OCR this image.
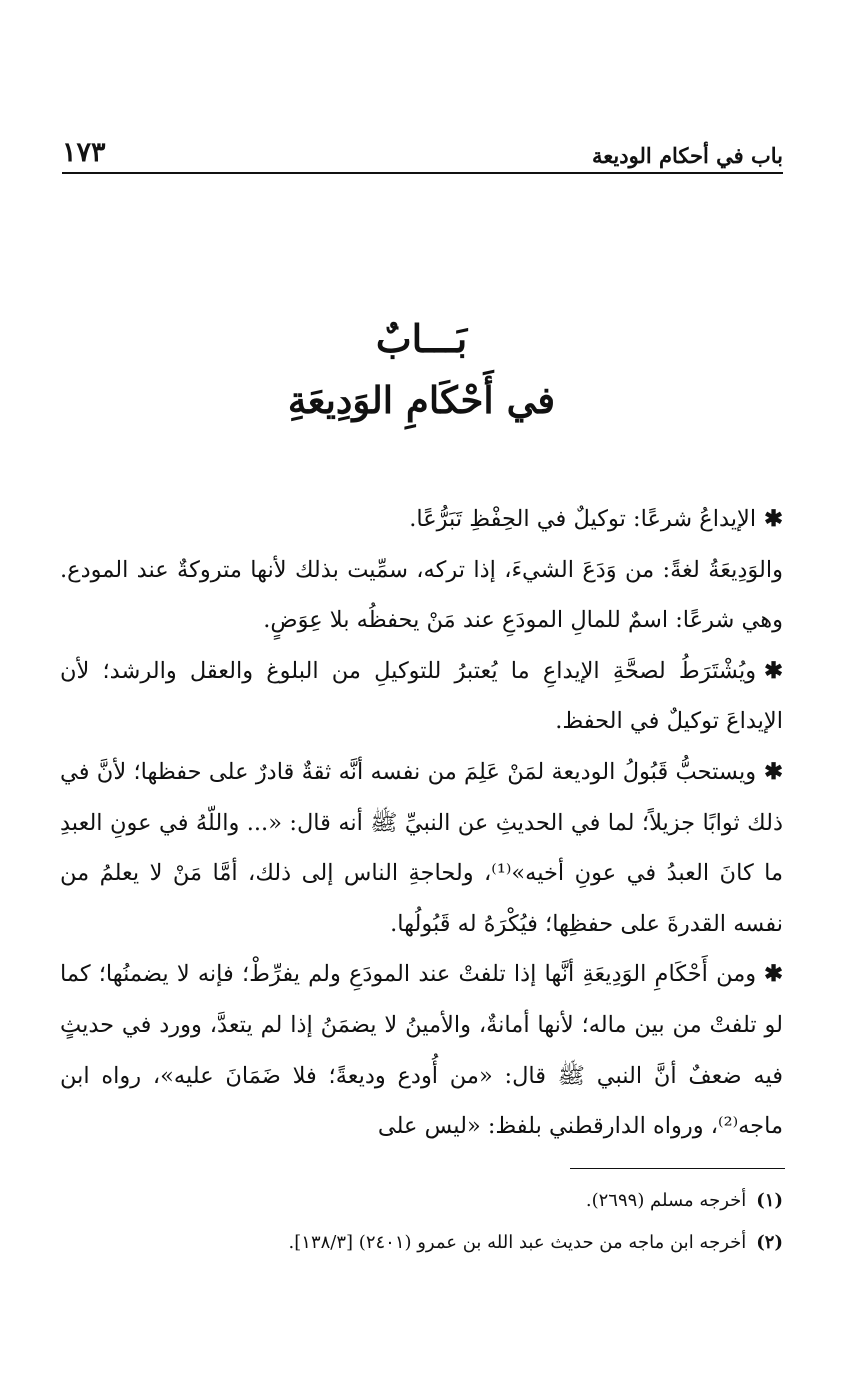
باب في أحكام الوديعة
١٧٣
بَـــابٌ
في أَحْكَامِ الوَدِيعَةِ

✱الإيداعُ شرعًا: توكيلٌ في الحِفْظِ تَبَرُّعًا.

والوَدِيعَةُ لغةً: من وَدَعَ الشيءَ، إذا تركه، سمِّيت بذلك لأنها متروكةٌ عند المودع. وهي شرعًا: اسمٌ للمالِ المودَعِ عند مَنْ يحفظُه بلا عِوَضٍ.

✱ويُشْتَرَطُ لصحَّةِ الإيداعِ ما يُعتبرُ للتوكيلِ من البلوغ والعقل والرشد؛ لأن الإيداعَ توكيلٌ في الحفظ.

✱ويستحبُّ قَبُولُ الوديعة لمَنْ عَلِمَ من نفسه أنَّه ثقةٌ قادرٌ على حفظها؛ لأنَّ في ذلك ثوابًا جزيلاً؛ لما في الحديثِ عن النبيِّ ﷺ أنه قال: «... واللّهُ في عونِ العبدِ ما كانَ العبدُ في عونِ أخيه»⁽¹⁾، ولحاجةِ الناس إلى ذلك، أمَّا مَنْ لا يعلمُ من نفسه القدرةَ على حفظِها؛ فيُكْرَهُ له قَبُولُها.

✱ومن أَحْكَامِ الوَدِيعَةِ أنَّها إذا تلفتْ عند المودَعِ ولم يفرِّطْ؛ فإنه لا يضمنُها؛ كما لو تلفتْ من بين ماله؛ لأنها أمانةٌ، والأمينُ لا يضمَنُ إذا لم يتعدَّ، وورد في حديثٍ فيه ضعفٌ أنَّ النبي ﷺ قال: «من أُودع وديعةً؛ فلا ضَمَانَ عليه»، رواه ابن ماجه⁽²⁾، ورواه الدارقطني بلفظ: «ليس على

(١)أخرجه مسلم (٢٦٩٩).

(٢)أخرجه ابن ماجه من حديث عبد الله بن عمرو (٢٤٠١) [١٣٨/٣].
